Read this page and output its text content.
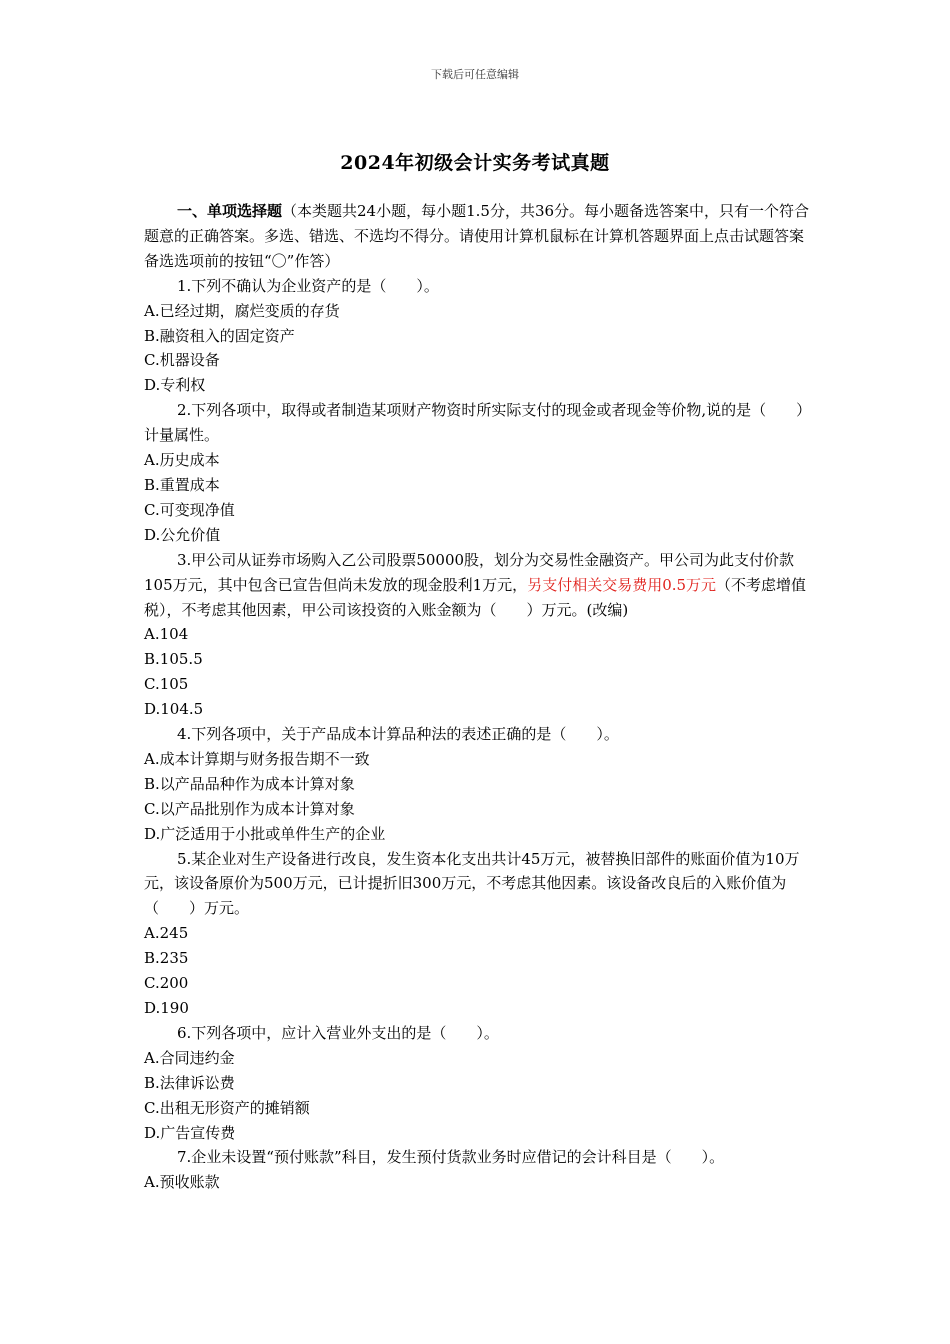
下载后可任意编辑
2024年初级会计实务考试真题

一、单项选择题（本类题共24小题，每小题1.5分，共36分。每小题备选答案中，只有一个符合题意的正确答案。多选、错选、不选均不得分。请使用计算机鼠标在计算机答题界面上点击试题答案备选选项前的按钮“〇”作答）

1.下列不确认为企业资产的是（　　）。

A.已经过期，腐烂变质的存货

B.融资租入的固定资产

C.机器设备

D.专利权

2.下列各项中，取得或者制造某项财产物资时所实际支付的现金或者现金等价物,说的是（　　）计量属性。

A.历史成本

B.重置成本

C.可变现净值

D.公允价值

3.甲公司从证券市场购入乙公司股票50000股，划分为交易性金融资产。甲公司为此支付价款105万元，其中包含已宣告但尚未发放的现金股利1万元，另支付相关交易费用0.5万元（不考虑增值税），不考虑其他因素，甲公司该投资的入账金额为（　　）万元。(改编)

A.104

B.105.5

C.105

D.104.5

4.下列各项中，关于产品成本计算品种法的表述正确的是（　　）。

A.成本计算期与财务报告期不一致

B.以产品品种作为成本计算对象

C.以产品批别作为成本计算对象

D.广泛适用于小批或单件生产的企业

5.某企业对生产设备进行改良，发生资本化支出共计45万元，被替换旧部件的账面价值为10万元，该设备原价为500万元，已计提折旧300万元，不考虑其他因素。该设备改良后的入账价值为（　　）万元。

A.245

B.235

C.200

D.190

6.下列各项中，应计入营业外支出的是（　　）。

A.合同违约金

B.法律诉讼费

C.出租无形资产的摊销额

D.广告宣传费

7.企业未设置“预付账款”科目，发生预付货款业务时应借记的会计科目是（　　）。

A.预收账款
